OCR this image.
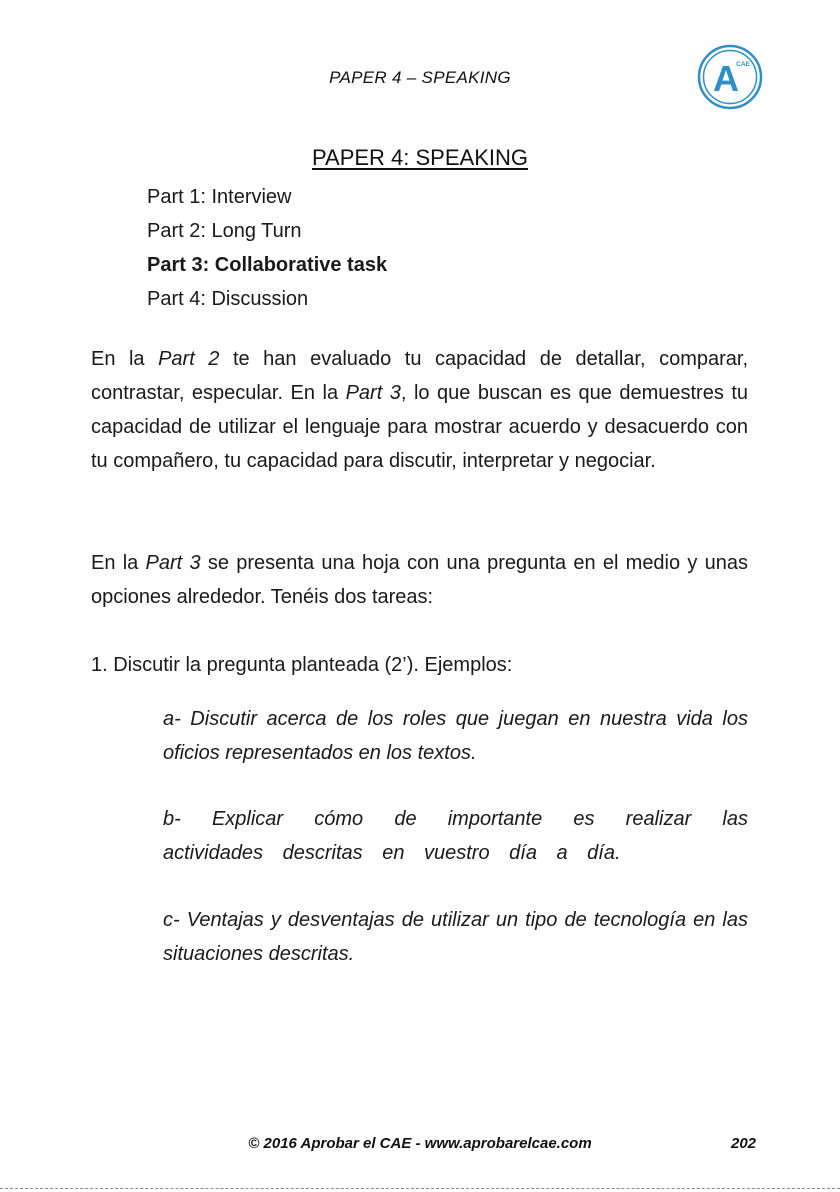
PAPER 4 – SPEAKING	A
CAE
PAPER 4: SPEAKING
Part 1: Interview
Part 2: Long Turn
Part 3: Collaborative task
Part 4: Discussion

En la Part 2 te han evaluado tu capacidad de detallar, comparar, contrastar, especular. En la Part 3, lo que buscan es que demuestres tu capacidad de utilizar el lenguaje para mostrar acuerdo y desacuerdo con tu compañero, tu capacidad para discutir, interpretar y negociar.

En la Part 3 se presenta una hoja con una pregunta en el medio y unas opciones alrededor. Tenéis dos tareas:

1. Discutir la pregunta planteada (2’). Ejemplos:

a- Discutir acerca de los roles que juegan en nuestra vida los oficios representados en los textos.

b- Explicar cómo de importante es realizar las actividades descritas en vuestro día a día.

c- Ventajas y desventajas de utilizar un tipo de tecnología en las situaciones descritas.

© 2016 Aprobar el CAE - www.aprobarelcae.com	202
